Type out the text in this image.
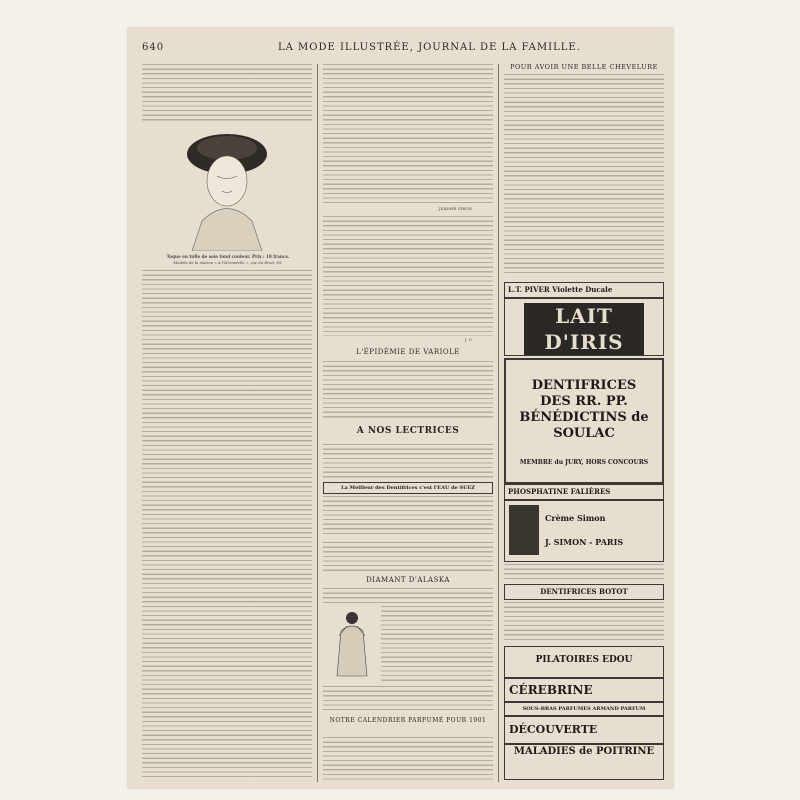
640	LA MODE ILLUSTRÉE, JOURNAL DE LA FAMILLE.
Toque en tulle de soie fond couleur. Prix : 18 francs.
Modèle de la maison « A l'Hirondelle », rue du Bruit, 69.
JEANNE GIROD.
J. G.
L'ÉPIDÉMIE DE VARIOLE
A NOS LECTRICES
La Meilleur des Dentifrices c'est l'EAU de SUEZ
DIAMANT D'ALASKA
NOTRE CALENDRIER PARFUMÉ POUR 1901
POUR AVOIR UNE BELLE CHEVELURE
L.T. PIVER Violette Ducale
LAIT D'IRIS
DENTIFRICES DES RR. PP. BÉNÉDICTINS de SOULAC
MEMBRE du JURY, HORS CONCOURS
PHOSPHATINE FALIÈRES
Crème Simon
J. SIMON - PARIS
DENTIFRICES BOTOT
PILATOIRES EDOU
CÉREBRINE
SOUS-BRAS PARFUMÉS ARMAND PARFUM
DÉCOUVERTE
MALADIES de POITRINE
